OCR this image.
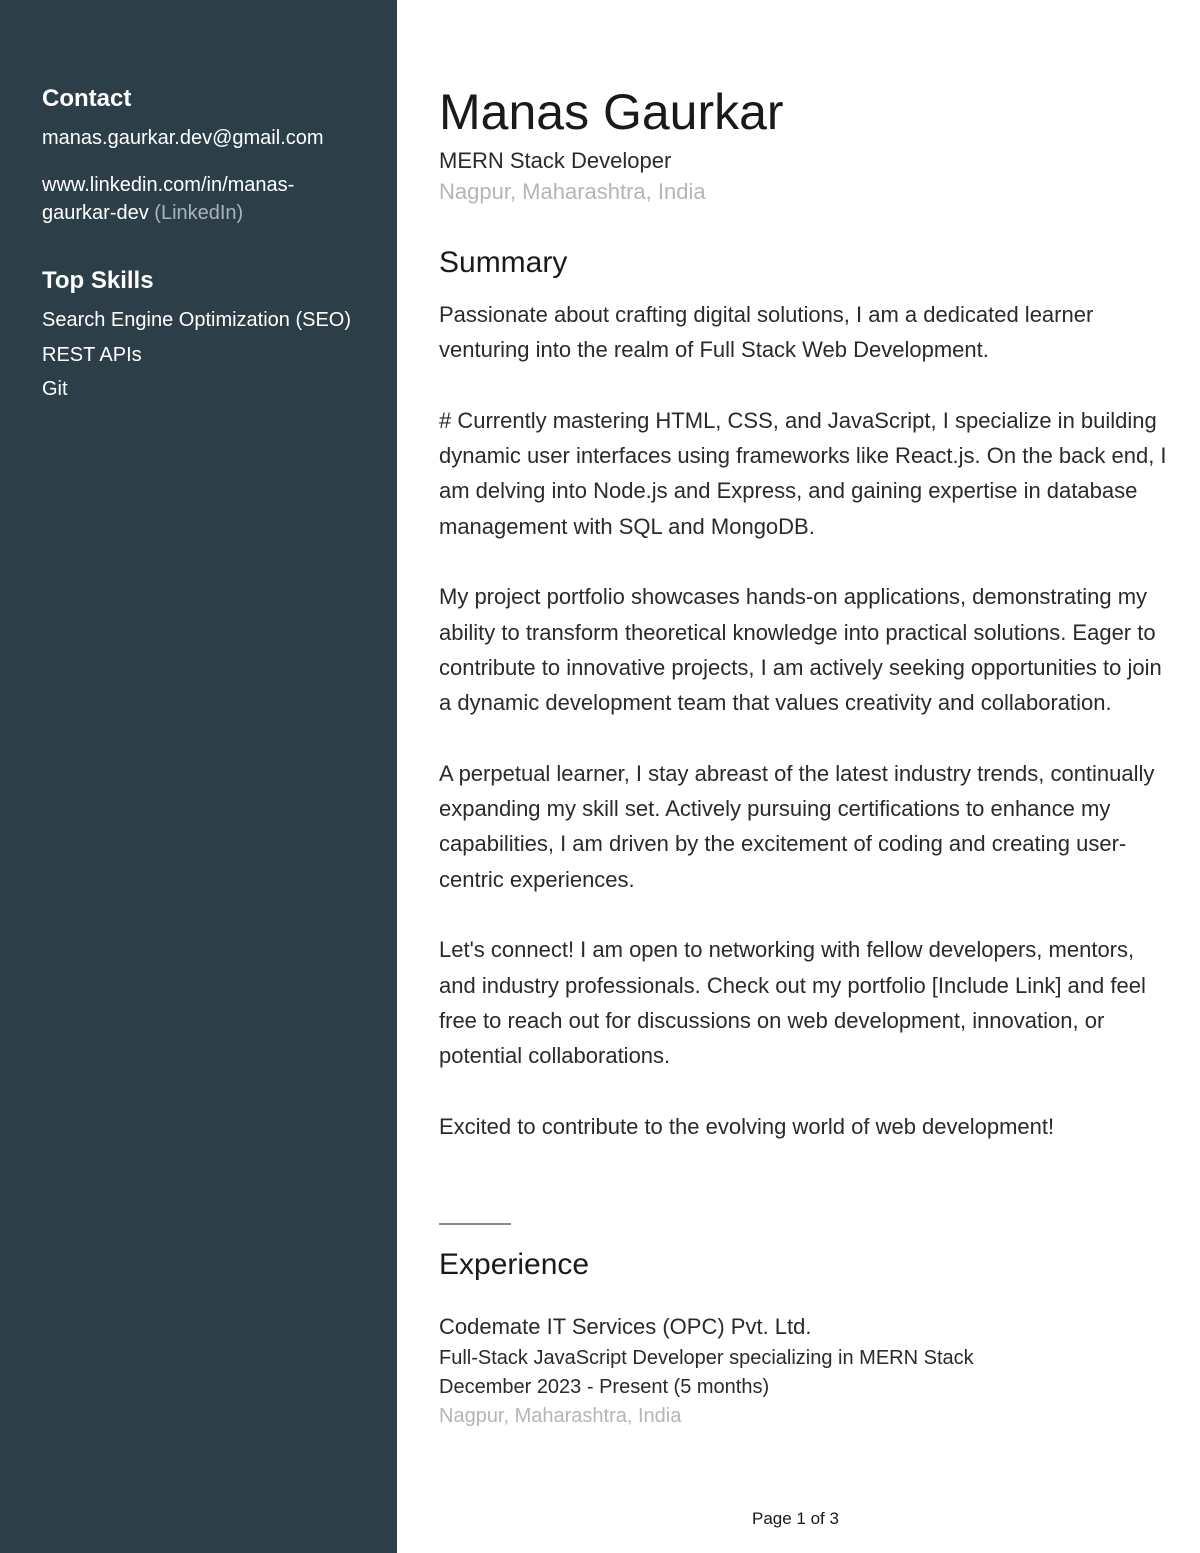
Contact
manas.gaurkar.dev@gmail.com
www.linkedin.com/in/manas-
gaurkar-dev (LinkedIn)
Top Skills
Search Engine Optimization (SEO)
REST APIs
Git
Manas Gaurkar
MERN Stack Developer
Nagpur, Maharashtra, India
Summary

Passionate about crafting digital solutions, I am a dedicated learner venturing into the realm of Full Stack Web Development.

# Currently mastering HTML, CSS, and JavaScript, I specialize in building dynamic user interfaces using frameworks like React.js. On the back end, I am delving into Node.js and Express, and gaining expertise in database management with SQL and MongoDB.

My project portfolio showcases hands-on applications, demonstrating my ability to transform theoretical knowledge into practical solutions. Eager to contribute to innovative projects, I am actively seeking opportunities to join a dynamic development team that values creativity and collaboration.

A perpetual learner, I stay abreast of the latest industry trends, continually expanding my skill set. Actively pursuing certifications to enhance my capabilities, I am driven by the excitement of coding and creating user-centric experiences.

Let's connect! I am open to networking with fellow developers, mentors, and industry professionals. Check out my portfolio [Include Link] and feel free to reach out for discussions on web development, innovation, or potential collaborations.

Excited to contribute to the evolving world of web development!

Experience
Codemate IT Services (OPC) Pvt. Ltd.
Full-Stack JavaScript Developer specializing in MERN Stack
December 2023 - Present (5 months)
Nagpur, Maharashtra, India
Page 1 of 3
